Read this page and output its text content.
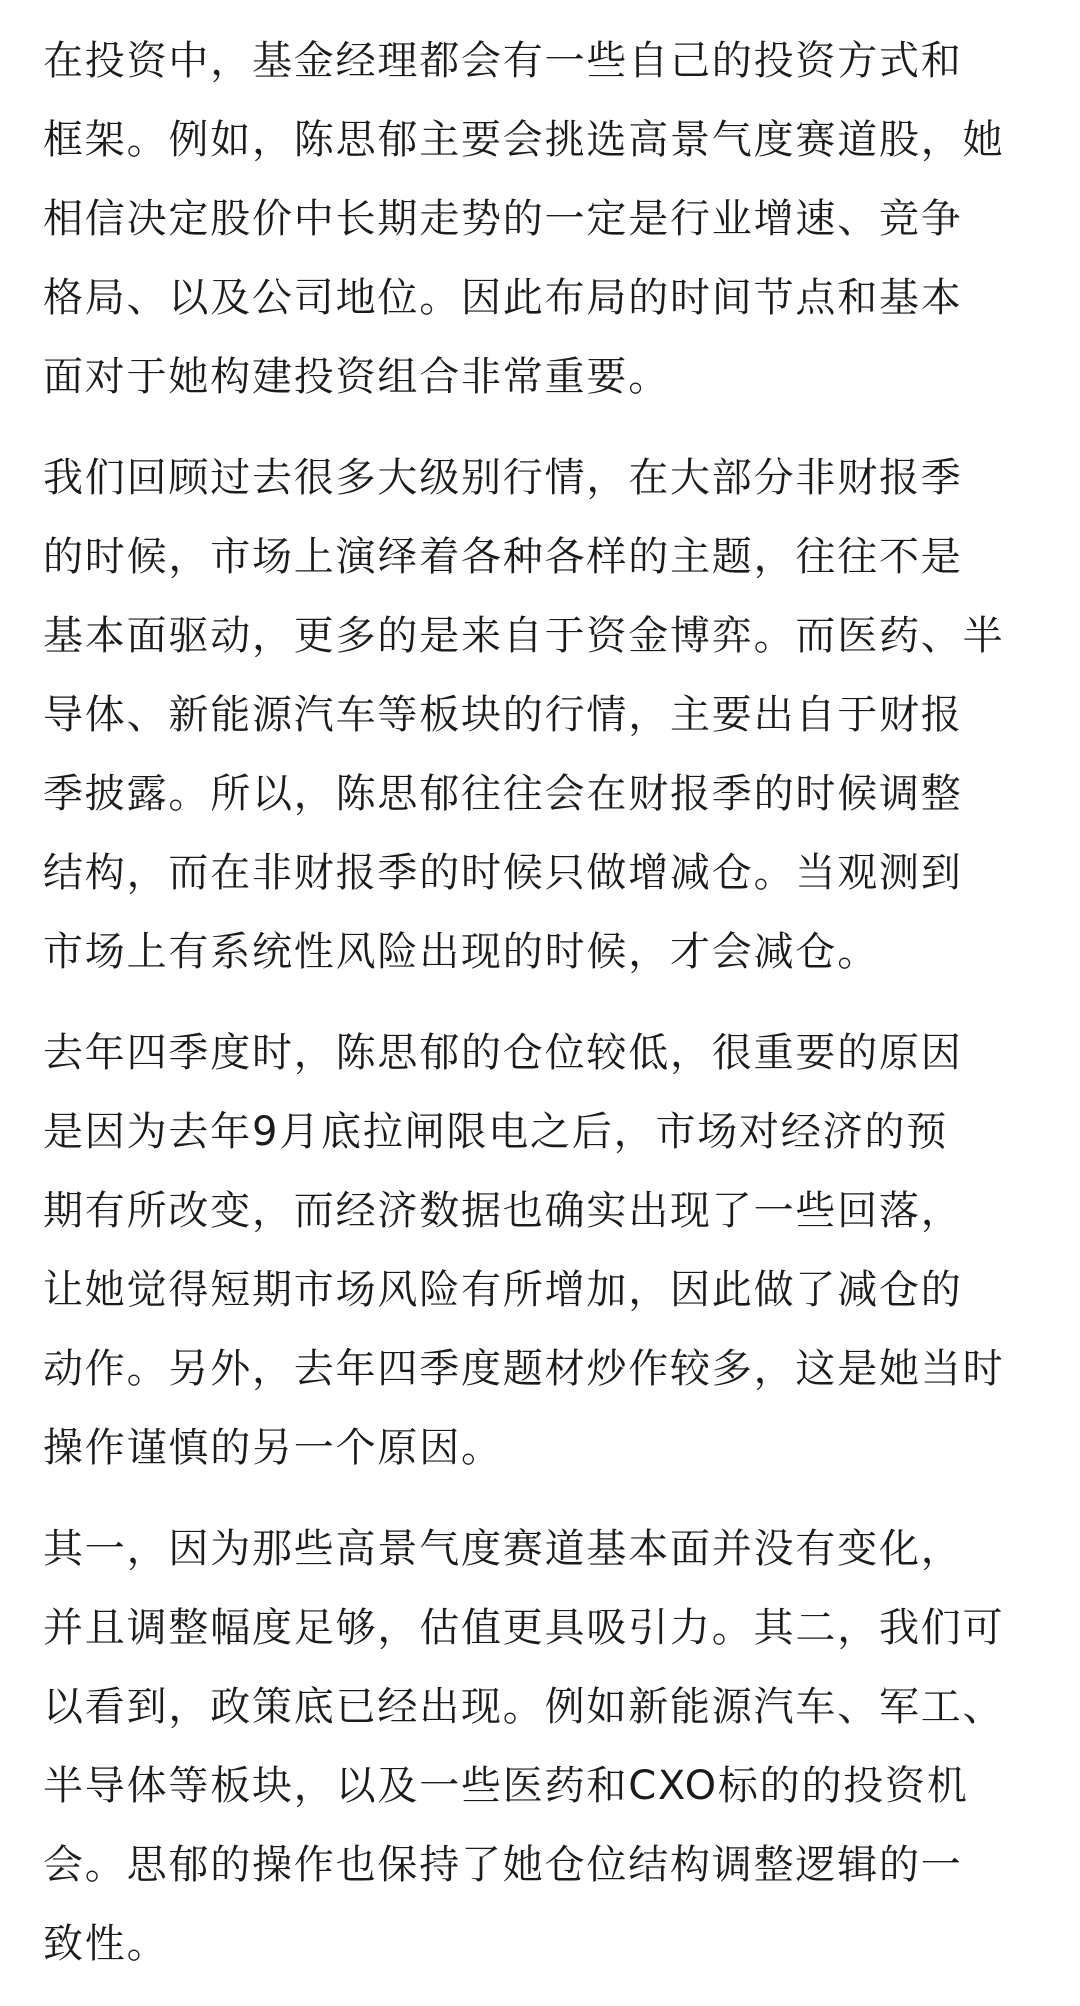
在投资中，基金经理都会有一些自己的投资方式和
框架。例如，陈思郁主要会挑选高景气度赛道股，她
相信决定股价中长期走势的一定是行业增速、竞争
格局、以及公司地位。因此布局的时间节点和基本
面对于她构建投资组合非常重要。

我们回顾过去很多大级别行情，在大部分非财报季
的时候，市场上演绎着各种各样的主题，往往不是
基本面驱动，更多的是来自于资金博弈。而医药、半
导体、新能源汽车等板块的行情，主要出自于财报
季披露。所以，陈思郁往往会在财报季的时候调整
结构，而在非财报季的时候只做增减仓。当观测到
市场上有系统性风险出现的时候，才会减仓。

去年四季度时，陈思郁的仓位较低，很重要的原因
是因为去年9月底拉闸限电之后，市场对经济的预
期有所改变，而经济数据也确实出现了一些回落，
让她觉得短期市场风险有所增加，因此做了减仓的
动作。另外，去年四季度题材炒作较多，这是她当时
操作谨慎的另一个原因。

其一，因为那些高景气度赛道基本面并没有变化，
并且调整幅度足够，估值更具吸引力。其二，我们可
以看到，政策底已经出现。例如新能源汽车、军工、
半导体等板块，以及一些医药和CXO标的的投资机
会。思郁的操作也保持了她仓位结构调整逻辑的一
致性。
